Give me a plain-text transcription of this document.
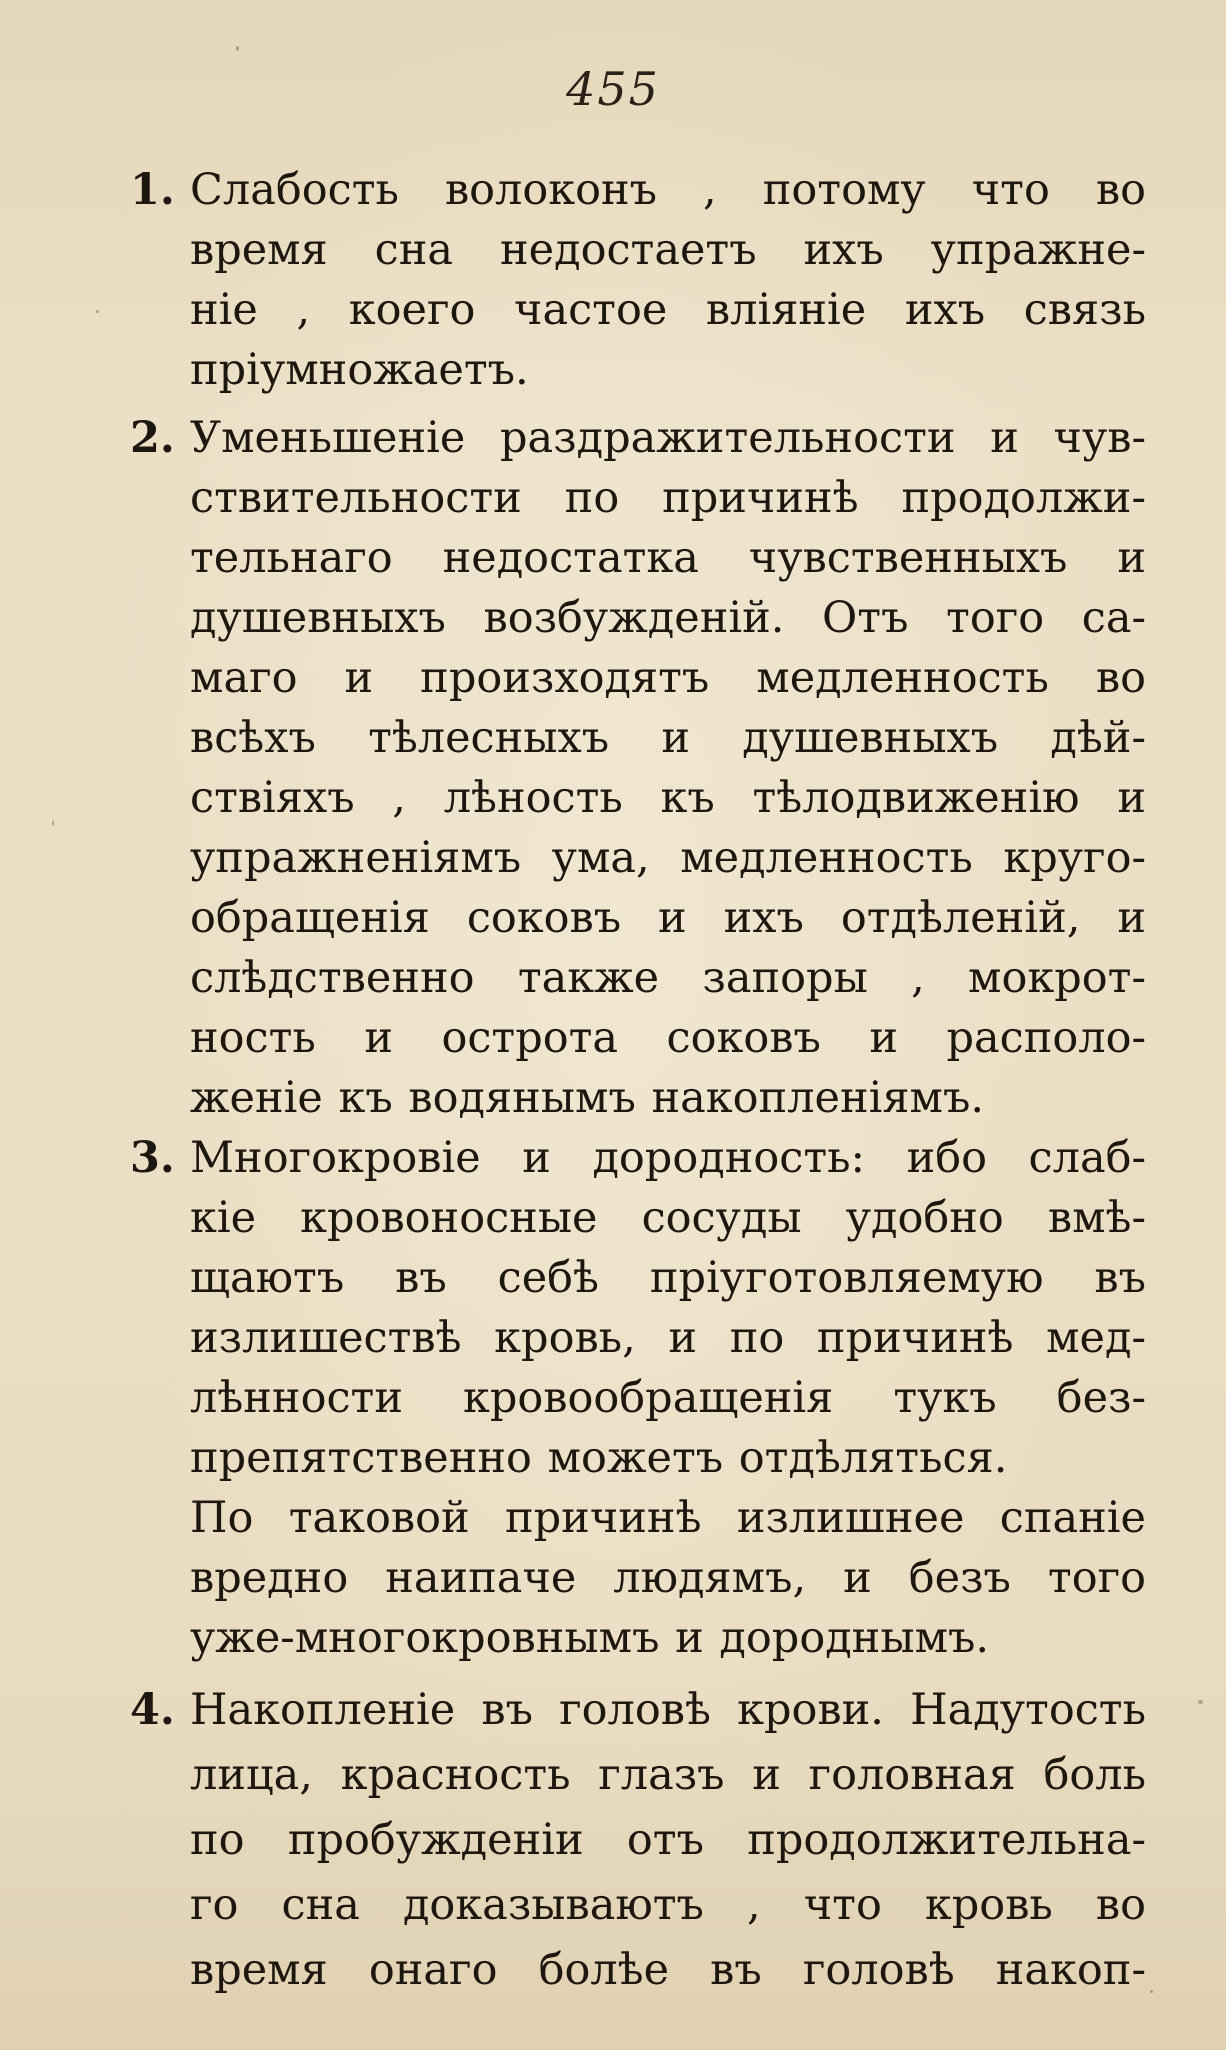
455
1. Слабость волоконъ , потому что во
время сна недостаетъ ихъ упражне-
ніе , коего частое вліяніе ихъ связь
пріумножаетъ.
2. Уменьшеніе раздражительности и чув-
ствительности по причинѣ продолжи-
тельнаго недостатка чувственныхъ и
душевныхъ возбужденій. Отъ того са-
маго и произходятъ медленность во
всѣхъ тѣлесныхъ и душевныхъ дѣй-
ствіяхъ , лѣность къ тѣлодвиженію и
упражненіямъ ума, медленность круго-
обращенія соковъ и ихъ отдѣленій, и
слѣдственно также запоры , мокрот-
ность и острота соковъ и располо-
женіе къ водянымъ накопленіямъ.
3. Многокровіе и дородность: ибо слаб-
кіе кровоносные сосуды удобно вмѣ-
щаютъ въ себѣ пріуготовляемую въ
излишествѣ кровь, и по причинѣ мед-
лѣнности кровообращенія тукъ без-
препятственно можетъ отдѣляться.
По таковой причинѣ излишнее спаніе
вредно наипаче людямъ, и безъ того
уже-многокровнымъ и дороднымъ.
4. Накопленіе въ головѣ крови. Надутость
лица, красность глазъ и головная боль
по пробужденіи отъ продолжительна-
го сна доказываютъ , что кровь во
время онаго болѣе въ головѣ накоп-
